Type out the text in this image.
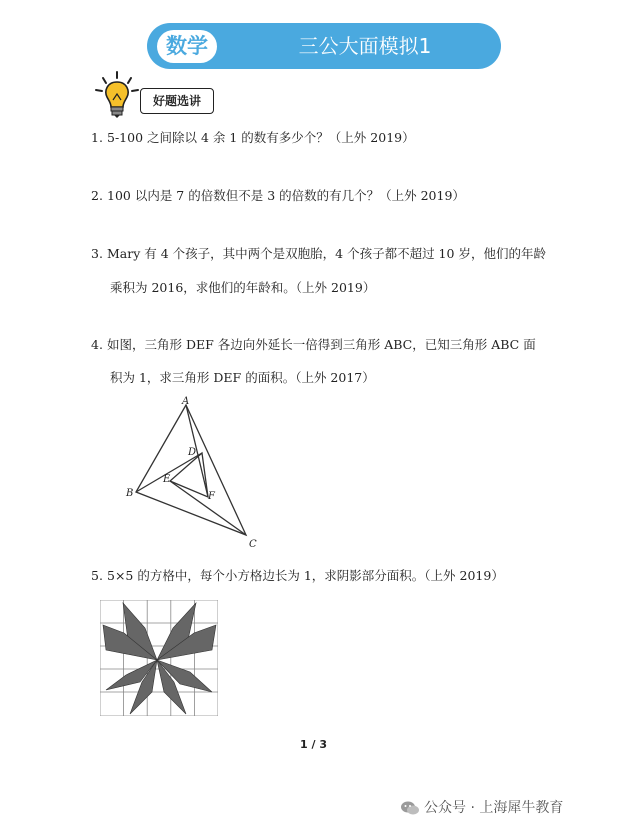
数学	三公大面模拟1
好题选讲
1. 5-100 之间除以 4 余 1 的数有多少个？（上外 2019）
2. 100 以内是 7 的倍数但不是 3 的倍数的有几个？（上外 2019）
3. Mary 有 4 个孩子，其中两个是双胞胎，4 个孩子都不超过 10 岁，他们的年龄
乘积为 2016，求他们的年龄和。（上外 2019）
4. 如图，三角形 DEF 各边向外延长一倍得到三角形 ABC，已知三角形 ABC 面
积为 1，求三角形 DEF 的面积。（上外 2017）
A
B
C
D
E
F
5. 5×5 的方格中，每个小方格边长为 1，求阴影部分面积。（上外 2019）
1 / 3
公众号 · 上海犀牛教育
